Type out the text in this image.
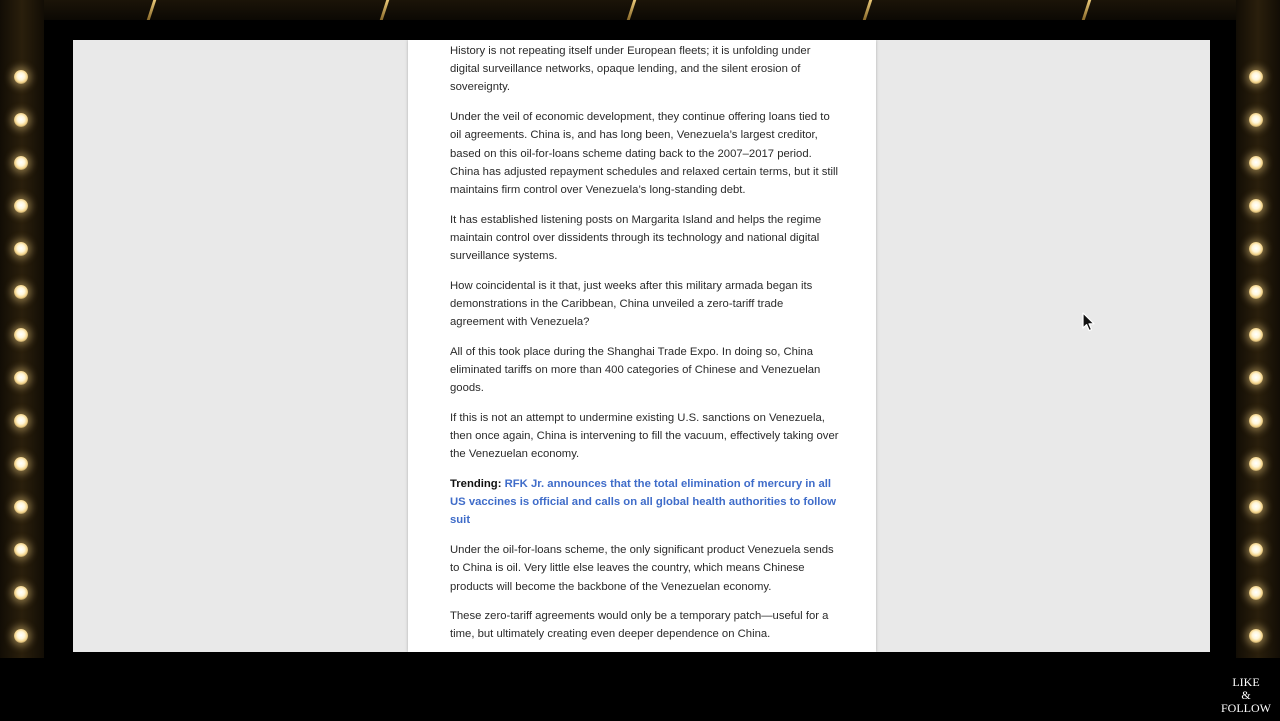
History is not repeating itself under European fleets; it is unfolding under digital surveillance networks, opaque lending, and the silent erosion of sovereignty.

Under the veil of economic development, they continue offering loans tied to oil agreements. China is, and has long been, Venezuela’s largest creditor, based on this oil-for-loans scheme dating back to the 2007–2017 period.
China has adjusted repayment schedules and relaxed certain terms, but it still maintains firm control over Venezuela’s long-standing debt.

It has established listening posts on Margarita Island and helps the regime maintain control over dissidents through its technology and national digital surveillance systems.

How coincidental is it that, just weeks after this military armada began its demonstrations in the Caribbean, China unveiled a zero-tariff trade agreement with Venezuela?

All of this took place during the Shanghai Trade Expo. In doing so, China eliminated tariffs on more than 400 categories of Chinese and Venezuelan goods.

If this is not an attempt to undermine existing U.S. sanctions on Venezuela, then once again, China is intervening to fill the vacuum, effectively taking over the Venezuelan economy.

Trending: RFK Jr. announces that the total elimination of mercury in all US vaccines is official and calls on all global health authorities to follow suit

Under the oil-for-loans scheme, the only significant product Venezuela sends to China is oil. Very little else leaves the country, which means Chinese products will become the backbone of the Venezuelan economy.

These zero-tariff agreements would only be a temporary patch—useful for a time, but ultimately creating even deeper dependence on China.

LIKE
&
FOLLOW
